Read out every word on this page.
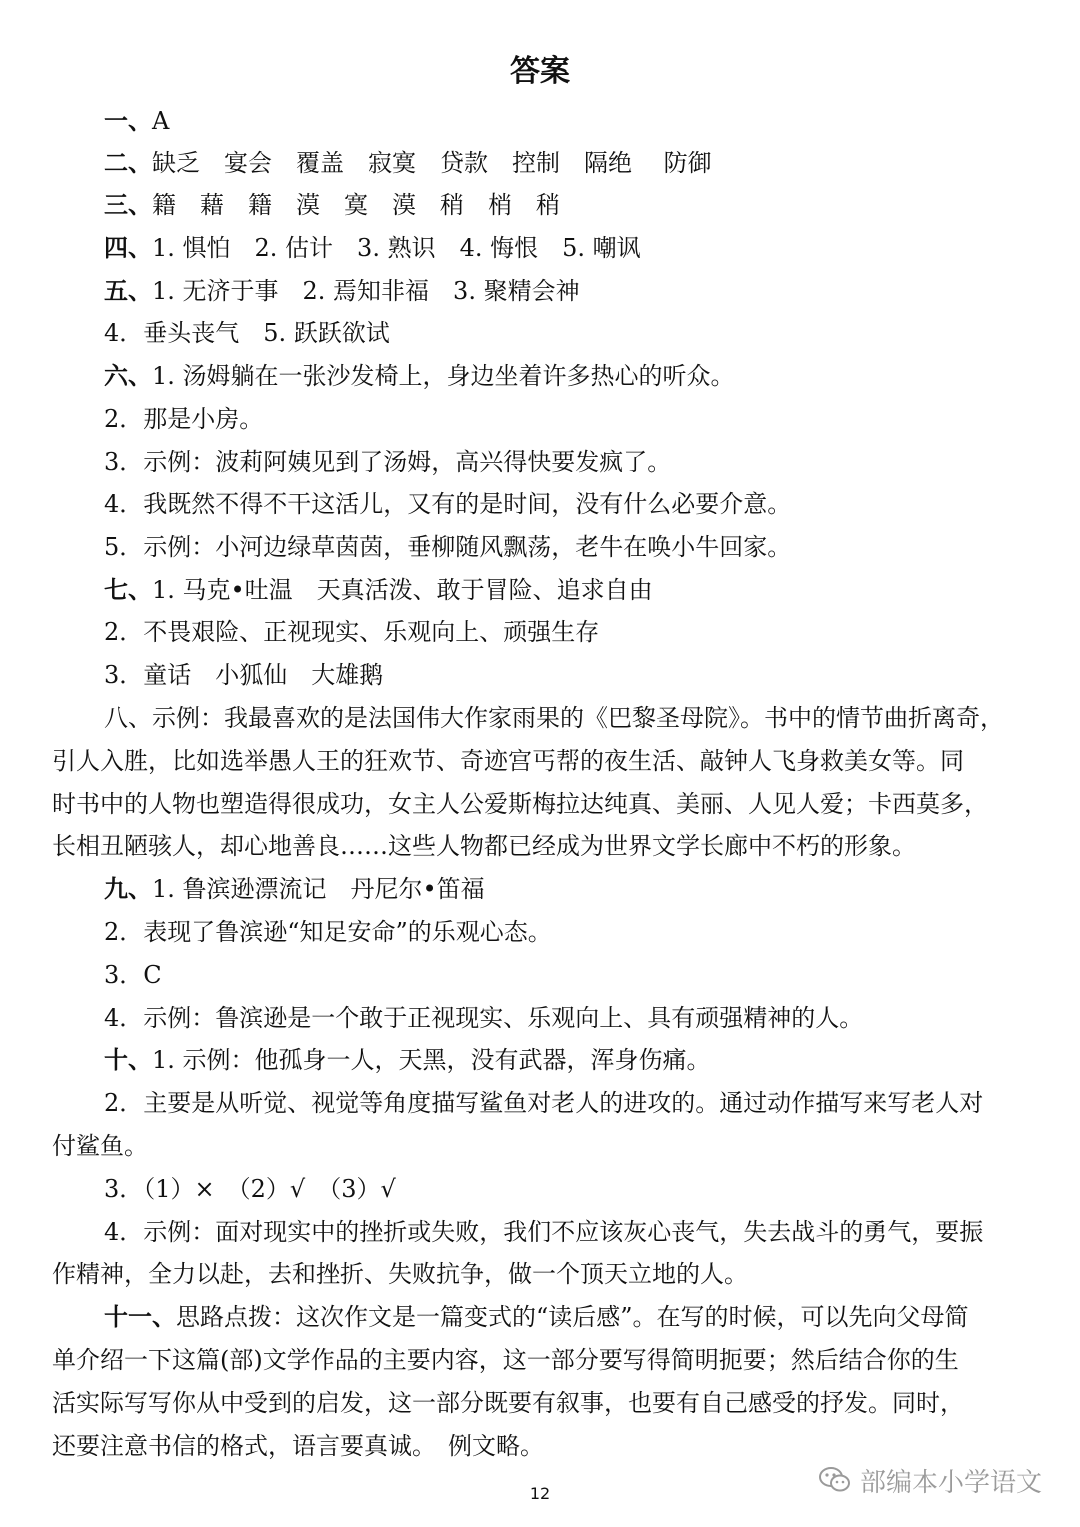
答案
一、A
二、缺乏　宴会　覆盖　寂寞　贷款　控制　隔绝　 防御
三、籍　藉　籍　漠　寞　漠　稍　梢　稍
四、1. 惧怕　2. 估计　3. 熟识　4. 悔恨　5. 嘲讽
五、1. 无济于事　2. 焉知非福　3. 聚精会神
4．垂头丧气　5. 跃跃欲试
六、1. 汤姆躺在一张沙发椅上，身边坐着许多热心的听众。
2．那是小房。
3．示例：波莉阿姨见到了汤姆，高兴得快要发疯了。
4．我既然不得不干这活儿，又有的是时间，没有什么必要介意。
5．示例：小河边绿草茵茵，垂柳随风飘荡，老牛在唤小牛回家。
七、1. 马克•吐温　天真活泼、敢于冒险、追求自由
2．不畏艰险、正视现实、乐观向上、顽强生存
3．童话　小狐仙　大雄鹅
八、示例：我最喜欢的是法国伟大作家雨果的《巴黎圣母院》。书中的情节曲折离奇，
引人入胜，比如选举愚人王的狂欢节、奇迹宫丐帮的夜生活、敲钟人飞身救美女等。同
时书中的人物也塑造得很成功，女主人公爱斯梅拉达纯真、美丽、人见人爱；卡西莫多，
长相丑陋骇人，却心地善良……这些人物都已经成为世界文学长廊中不朽的形象。
九、1. 鲁滨逊漂流记　丹尼尔•笛福
2．表现了鲁滨逊“知足安命”的乐观心态。
3．C
4．示例：鲁滨逊是一个敢于正视现实、乐观向上、具有顽强精神的人。
十、1. 示例：他孤身一人，天黑，没有武器，浑身伤痛。
2．主要是从听觉、视觉等角度描写鲨鱼对老人的进攻的。通过动作描写来写老人对
付鲨鱼。
3．（1）×　（2）√　（3）√
4．示例：面对现实中的挫折或失败，我们不应该灰心丧气，失去战斗的勇气，要振
作精神，全力以赴，去和挫折、失败抗争，做一个顶天立地的人。
十一、思路点拨：这次作文是一篇变式的“读后感”。在写的时候，可以先向父母简
单介绍一下这篇(部)文学作品的主要内容，这一部分要写得简明扼要；然后结合你的生
活实际写写你从中受到的启发，这一部分既要有叙事，也要有自己感受的抒发。同时，
还要注意书信的格式，语言要真诚。　例文略。
12	部编本小学语文
